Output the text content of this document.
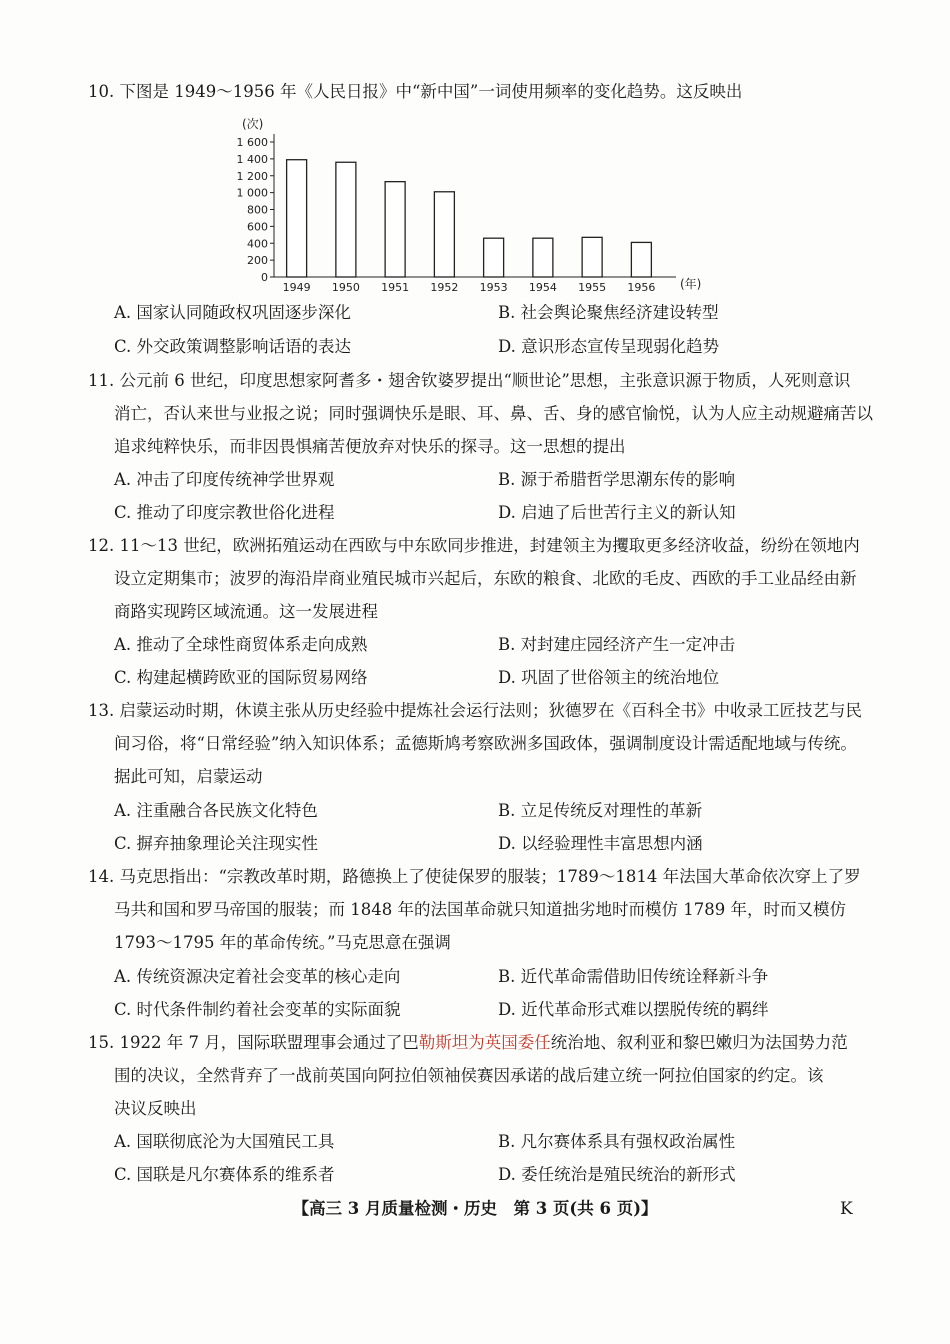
10. 下图是 1949～1956 年《人民日报》中“新中国”一词使用频率的变化趋势。这反映出
(次)
(年)
0
200
400
600
800
1 000
1 200
1 400
1 600
1949 1950 1951 1952 1953 1954 1955 1956
A. 国家认同随政权巩固逐步深化	B. 社会舆论聚焦经济建设转型
C. 外交政策调整影响话语的表达	D. 意识形态宣传呈现弱化趋势
11. 公元前 6 世纪，印度思想家阿耆多・翅舍钦婆罗提出“顺世论”思想，主张意识源于物质，人死则意识
消亡，否认来世与业报之说；同时强调快乐是眼、耳、鼻、舌、身的感官愉悦，认为人应主动规避痛苦以
追求纯粹快乐，而非因畏惧痛苦便放弃对快乐的探寻。这一思想的提出
A. 冲击了印度传统神学世界观	B. 源于希腊哲学思潮东传的影响
C. 推动了印度宗教世俗化进程	D. 启迪了后世苦行主义的新认知
12. 11～13 世纪，欧洲拓殖运动在西欧与中东欧同步推进，封建领主为攫取更多经济收益，纷纷在领地内
设立定期集市；波罗的海沿岸商业殖民城市兴起后，东欧的粮食、北欧的毛皮、西欧的手工业品经由新
商路实现跨区域流通。这一发展进程
A. 推动了全球性商贸体系走向成熟	B. 对封建庄园经济产生一定冲击
C. 构建起横跨欧亚的国际贸易网络	D. 巩固了世俗领主的统治地位
13. 启蒙运动时期，休谟主张从历史经验中提炼社会运行法则；狄德罗在《百科全书》中收录工匠技艺与民
间习俗，将“日常经验”纳入知识体系；孟德斯鸠考察欧洲多国政体，强调制度设计需适配地域与传统。
据此可知，启蒙运动
A. 注重融合各民族文化特色	B. 立足传统反对理性的革新
C. 摒弃抽象理论关注现实性	D. 以经验理性丰富思想内涵
14. 马克思指出：“宗教改革时期，路德换上了使徒保罗的服装；1789～1814 年法国大革命依次穿上了罗
马共和国和罗马帝国的服装；而 1848 年的法国革命就只知道拙劣地时而模仿 1789 年，时而又模仿
1793～1795 年的革命传统。”马克思意在强调
A. 传统资源决定着社会变革的核心走向	B. 近代革命需借助旧传统诠释新斗争
C. 时代条件制约着社会变革的实际面貌	D. 近代革命形式难以摆脱传统的羁绊
15. 1922 年 7 月，国际联盟理事会通过了巴勒斯坦为英国委任统治地、叙利亚和黎巴嫩归为法国势力范
围的决议，全然背弃了一战前英国向阿拉伯领袖侯赛因承诺的战后建立统一阿拉伯国家的约定。该
决议反映出
A. 国联彻底沦为大国殖民工具	B. 凡尔赛体系具有强权政治属性
C. 国联是凡尔赛体系的维系者	D. 委任统治是殖民统治的新形式
【高三 3 月质量检测・历史　第 3 页(共 6 页)】	K
